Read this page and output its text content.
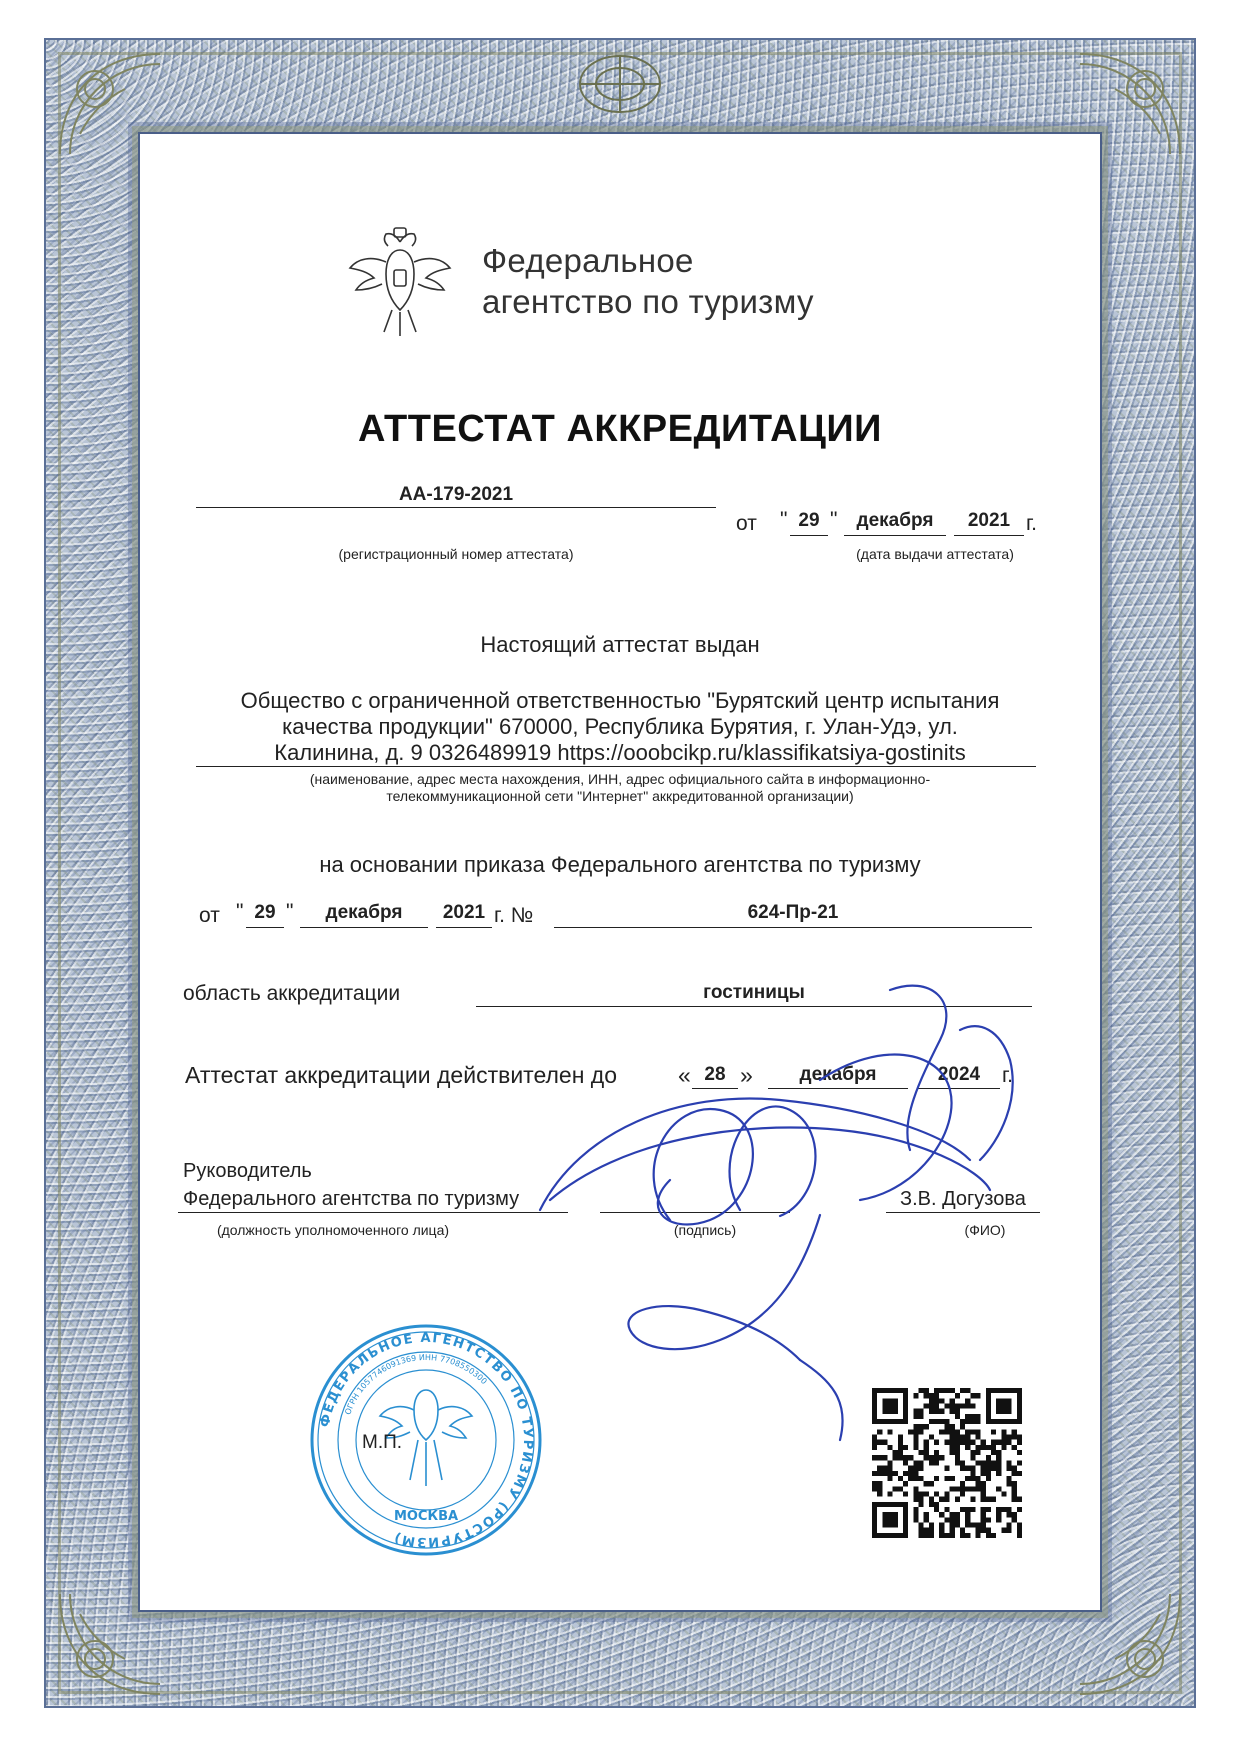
Федеральное
агентство по туризму
АТТЕСТАТ АККРЕДИТАЦИИ
АА-179-2021
от " 29 "	декабря	2021 г.
(регистрационный номер аттестата)	(дата выдачи аттестата)
Настоящий аттестат выдан
Общество с ограниченной ответственностью "Бурятский центр испытания
качества продукции" 670000, Республика Бурятия, г. Улан-Удэ, ул.
Калинина, д. 9 0326489919 https://ooobcikp.ru/klassifikatsiya-gostinits
(наименование, адрес места нахождения, ИНН, адрес официального сайта в информационно-
телекоммуникационной сети "Интернет" аккредитованной организации)
на основании приказа Федерального агентства по туризму
от " 29 "	декабря	2021 г. №	624-Пр-21
область аккредитации	гостиницы
Аттестат аккредитации действителен до	« 28 »	декабря	2024	г.
Руководитель
Федерального агентства по туризму	З.В. Догузова
(должность уполномоченного лица)	(подпись)	(ФИО)
ФЕДЕРАЛЬНОЕ АГЕНТСТВО ПО ТУРИЗМУ (РОСТУРИЗМ)
ОГРН 1057746091369 ИНН 7708550300
МОСКВА
М.П.
